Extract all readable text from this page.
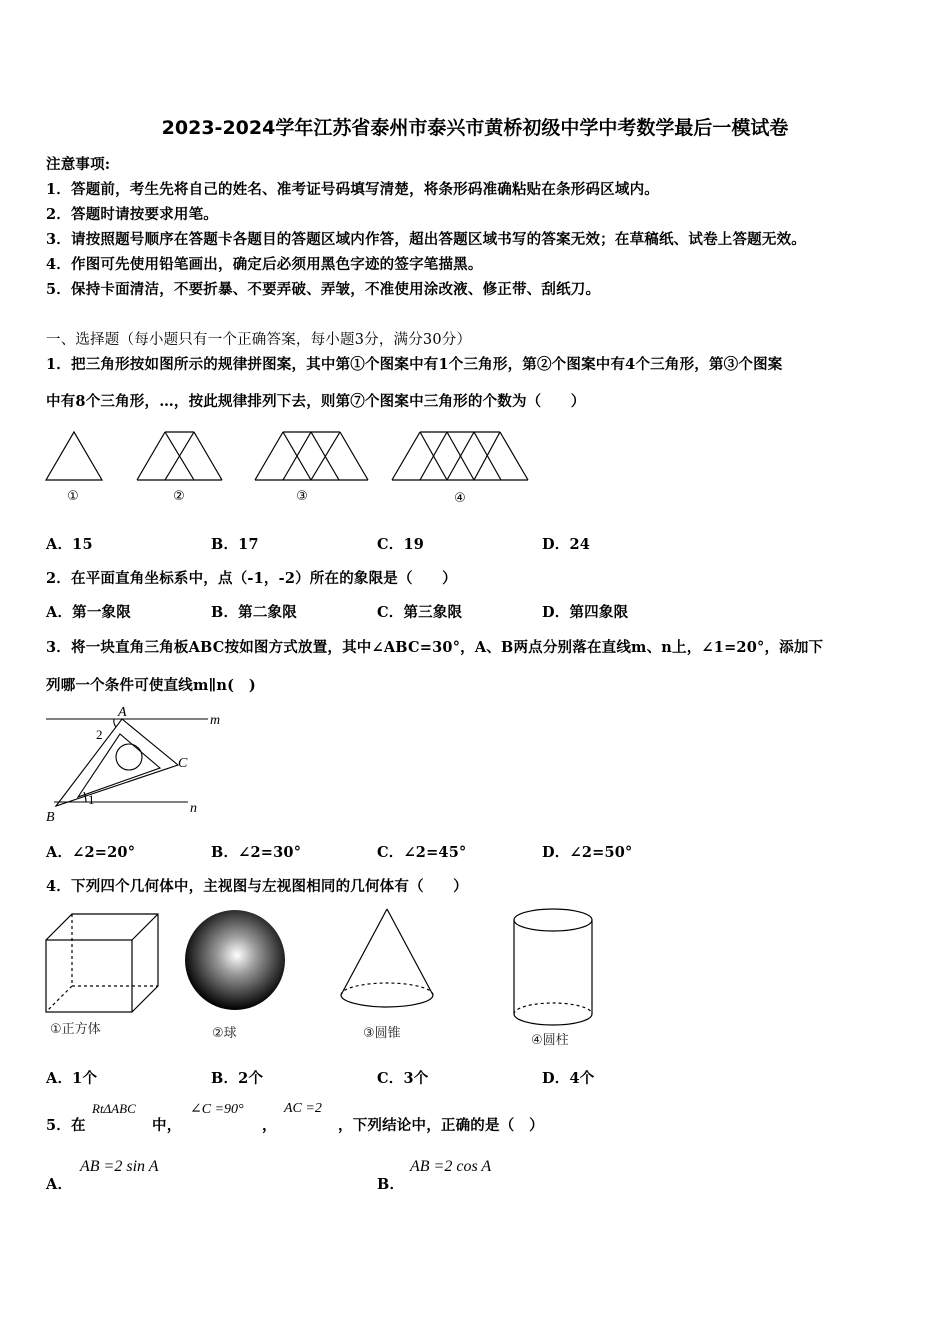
2023-2024学年江苏省泰州市泰兴市黄桥初级中学中考数学最后一模试卷
注意事项:
1．答题前，考生先将自己的姓名、准考证号码填写清楚，将条形码准确粘贴在条形码区域内。
2．答题时请按要求用笔。
3．请按照题号顺序在答题卡各题目的答题区域内作答，超出答题区域书写的答案无效；在草稿纸、试卷上答题无效。
4．作图可先使用铅笔画出，确定后必须用黑色字迹的签字笔描黑。
5．保持卡面清洁，不要折暴、不要弄破、弄皱，不准使用涂改液、修正带、刮纸刀。
一、选择题（每小题只有一个正确答案，每小题3分，满分30分）
1．把三角形按如图所示的规律拼图案，其中第①个图案中有1个三角形，第②个图案中有4个三角形，第③个图案
中有8个三角形，…，按此规律排列下去，则第⑦个图案中三角形的个数为（　　）
①	②	③	④
A．15	B．17	C．19	D．24
2．在平面直角坐标系中，点（-1，-2）所在的象限是（　　）
A．第一象限	B．第二象限	C．第三象限	D．第四象限
3．将一块直角三角板ABC按如图方式放置，其中∠ABC=30°，A、B两点分别落在直线m、n上，∠1=20°，添加下
列哪一个条件可使直线m∥n(　)
A
B
C
m
n
1
2
A．∠2=20°	B．∠2=30°	C．∠2=45°	D．∠2=50°
4．下列四个几何体中，主视图与左视图相同的几何体有（　　）
①正方体	②球	③圆锥	④圆柱
A．1个	B．2个	C．3个	D．4个
5．在
RtΔABC
中，
∠C =90°
，
AC =2
，下列结论中，正确的是（　）
A．
AB =2 sin A
B．
AB =2 cos A
